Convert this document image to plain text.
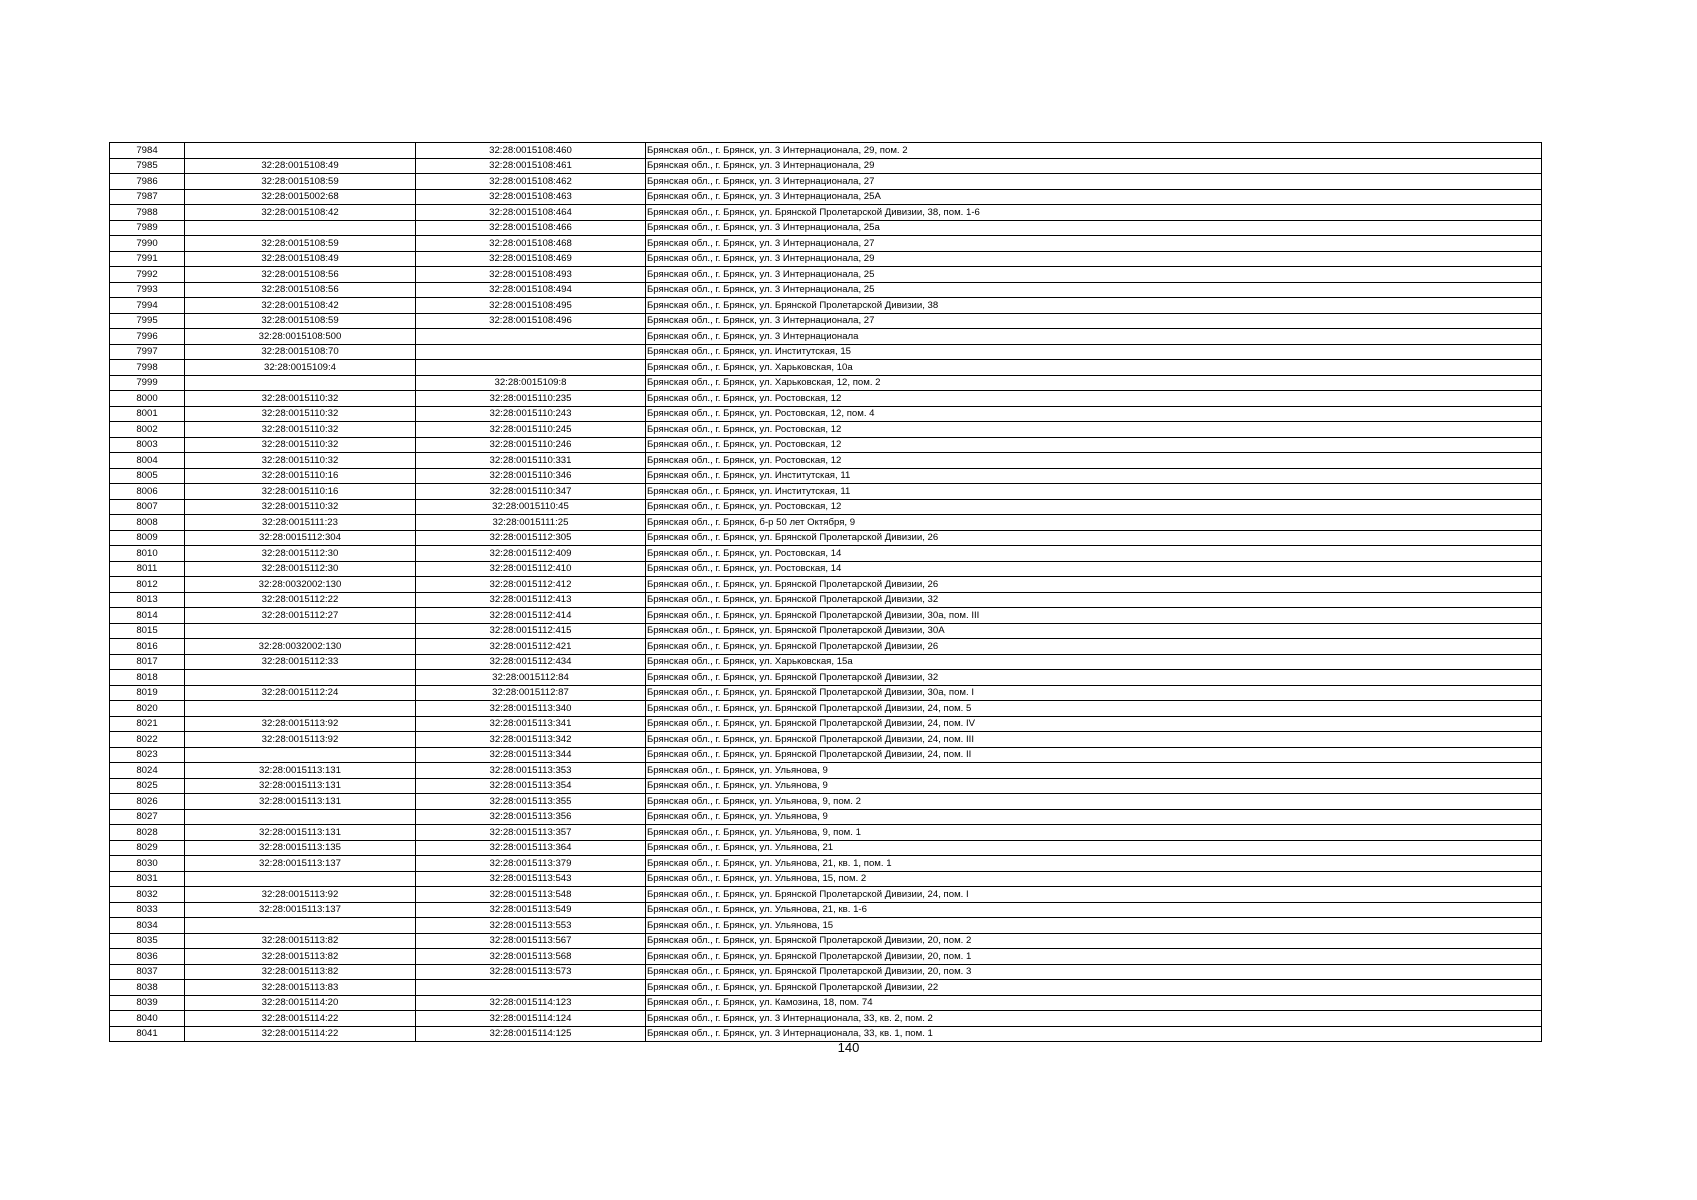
7984		32:28:0015108:460	Брянская обл., г. Брянск, ул. 3 Интернационала, 29, пом. 2
7985	32:28:0015108:49	32:28:0015108:461	Брянская обл., г. Брянск, ул. 3 Интернационала, 29
7986	32:28:0015108:59	32:28:0015108:462	Брянская обл., г. Брянск, ул. 3 Интернационала, 27
7987	32:28:0015002:68	32:28:0015108:463	Брянская обл., г. Брянск, ул. 3 Интернационала, 25А
7988	32:28:0015108:42	32:28:0015108:464	Брянская обл., г. Брянск, ул. Брянской Пролетарской Дивизии, 38, пом. 1-6
7989		32:28:0015108:466	Брянская обл., г. Брянск, ул. 3 Интернационала, 25а
7990	32:28:0015108:59	32:28:0015108:468	Брянская обл., г. Брянск, ул. 3 Интернационала, 27
7991	32:28:0015108:49	32:28:0015108:469	Брянская обл., г. Брянск, ул. 3 Интернационала, 29
7992	32:28:0015108:56	32:28:0015108:493	Брянская обл., г. Брянск, ул. 3 Интернационала, 25
7993	32:28:0015108:56	32:28:0015108:494	Брянская обл., г. Брянск, ул. 3 Интернационала, 25
7994	32:28:0015108:42	32:28:0015108:495	Брянская обл., г. Брянск, ул. Брянской Пролетарской Дивизии, 38
7995	32:28:0015108:59	32:28:0015108:496	Брянская обл., г. Брянск, ул. 3 Интернационала, 27
7996	32:28:0015108:500		Брянская обл., г. Брянск, ул. 3 Интернационала
7997	32:28:0015108:70		Брянская обл., г. Брянск, ул. Институтская, 15
7998	32:28:0015109:4		Брянская обл., г. Брянск, ул. Харьковская, 10а
7999		32:28:0015109:8	Брянская обл., г. Брянск, ул. Харьковская, 12, пом. 2
8000	32:28:0015110:32	32:28:0015110:235	Брянская обл., г. Брянск, ул. Ростовская, 12
8001	32:28:0015110:32	32:28:0015110:243	Брянская обл., г. Брянск, ул. Ростовская, 12, пом. 4
8002	32:28:0015110:32	32:28:0015110:245	Брянская обл., г. Брянск, ул. Ростовская, 12
8003	32:28:0015110:32	32:28:0015110:246	Брянская обл., г. Брянск, ул. Ростовская, 12
8004	32:28:0015110:32	32:28:0015110:331	Брянская обл., г. Брянск, ул. Ростовская, 12
8005	32:28:0015110:16	32:28:0015110:346	Брянская обл., г. Брянск, ул. Институтская, 11
8006	32:28:0015110:16	32:28:0015110:347	Брянская обл., г. Брянск, ул. Институтская, 11
8007	32:28:0015110:32	32:28:0015110:45	Брянская обл., г. Брянск, ул. Ростовская, 12
8008	32:28:0015111:23	32:28:0015111:25	Брянская обл., г. Брянск, б-р 50 лет Октября, 9
8009	32:28:0015112:304	32:28:0015112:305	Брянская обл., г. Брянск, ул. Брянской Пролетарской Дивизии, 26
8010	32:28:0015112:30	32:28:0015112:409	Брянская обл., г. Брянск, ул. Ростовская, 14
8011	32:28:0015112:30	32:28:0015112:410	Брянская обл., г. Брянск, ул. Ростовская, 14
8012	32:28:0032002:130	32:28:0015112:412	Брянская обл., г. Брянск, ул. Брянской Пролетарской Дивизии, 26
8013	32:28:0015112:22	32:28:0015112:413	Брянская обл., г. Брянск, ул. Брянской Пролетарской Дивизии, 32
8014	32:28:0015112:27	32:28:0015112:414	Брянская обл., г. Брянск, ул. Брянской Пролетарской Дивизии, 30а, пом. III
8015		32:28:0015112:415	Брянская обл., г. Брянск, ул. Брянской Пролетарской Дивизии, 30А
8016	32:28:0032002:130	32:28:0015112:421	Брянская обл., г. Брянск, ул. Брянской Пролетарской Дивизии, 26
8017	32:28:0015112:33	32:28:0015112:434	Брянская обл., г. Брянск, ул. Харьковская, 15а
8018		32:28:0015112:84	Брянская обл., г. Брянск, ул. Брянской Пролетарской Дивизии, 32
8019	32:28:0015112:24	32:28:0015112:87	Брянская обл., г. Брянск, ул. Брянской Пролетарской Дивизии, 30а, пом. I
8020		32:28:0015113:340	Брянская обл., г. Брянск, ул. Брянской Пролетарской Дивизии, 24, пом. 5
8021	32:28:0015113:92	32:28:0015113:341	Брянская обл., г. Брянск, ул. Брянской Пролетарской Дивизии, 24, пом. IV
8022	32:28:0015113:92	32:28:0015113:342	Брянская обл., г. Брянск, ул. Брянской Пролетарской Дивизии, 24, пом. III
8023		32:28:0015113:344	Брянская обл., г. Брянск, ул. Брянской Пролетарской Дивизии, 24, пом. II
8024	32:28:0015113:131	32:28:0015113:353	Брянская обл., г. Брянск, ул. Ульянова, 9
8025	32:28:0015113:131	32:28:0015113:354	Брянская обл., г. Брянск, ул. Ульянова, 9
8026	32:28:0015113:131	32:28:0015113:355	Брянская обл., г. Брянск, ул. Ульянова, 9, пом. 2
8027		32:28:0015113:356	Брянская обл., г. Брянск, ул. Ульянова, 9
8028	32:28:0015113:131	32:28:0015113:357	Брянская обл., г. Брянск, ул. Ульянова, 9, пом. 1
8029	32:28:0015113:135	32:28:0015113:364	Брянская обл., г. Брянск, ул. Ульянова, 21
8030	32:28:0015113:137	32:28:0015113:379	Брянская обл., г. Брянск, ул. Ульянова, 21, кв. 1, пом. 1
8031		32:28:0015113:543	Брянская обл., г. Брянск, ул. Ульянова, 15, пом. 2
8032	32:28:0015113:92	32:28:0015113:548	Брянская обл., г. Брянск, ул. Брянской Пролетарской Дивизии, 24, пом. I
8033	32:28:0015113:137	32:28:0015113:549	Брянская обл., г. Брянск, ул. Ульянова, 21, кв. 1-6
8034		32:28:0015113:553	Брянская обл., г. Брянск, ул. Ульянова, 15
8035	32:28:0015113:82	32:28:0015113:567	Брянская обл., г. Брянск, ул. Брянской Пролетарской Дивизии, 20, пом. 2
8036	32:28:0015113:82	32:28:0015113:568	Брянская обл., г. Брянск, ул. Брянской Пролетарской Дивизии, 20, пом. 1
8037	32:28:0015113:82	32:28:0015113:573	Брянская обл., г. Брянск, ул. Брянской Пролетарской Дивизии, 20, пом. 3
8038	32:28:0015113:83		Брянская обл., г. Брянск, ул. Брянской Пролетарской Дивизии, 22
8039	32:28:0015114:20	32:28:0015114:123	Брянская обл., г. Брянск, ул. Камозина, 18, пом. 74
8040	32:28:0015114:22	32:28:0015114:124	Брянская обл., г. Брянск, ул. 3 Интернационала, 33, кв. 2, пом. 2
8041	32:28:0015114:22	32:28:0015114:125	Брянская обл., г. Брянск, ул. 3 Интернационала, 33, кв. 1, пом. 1
140
